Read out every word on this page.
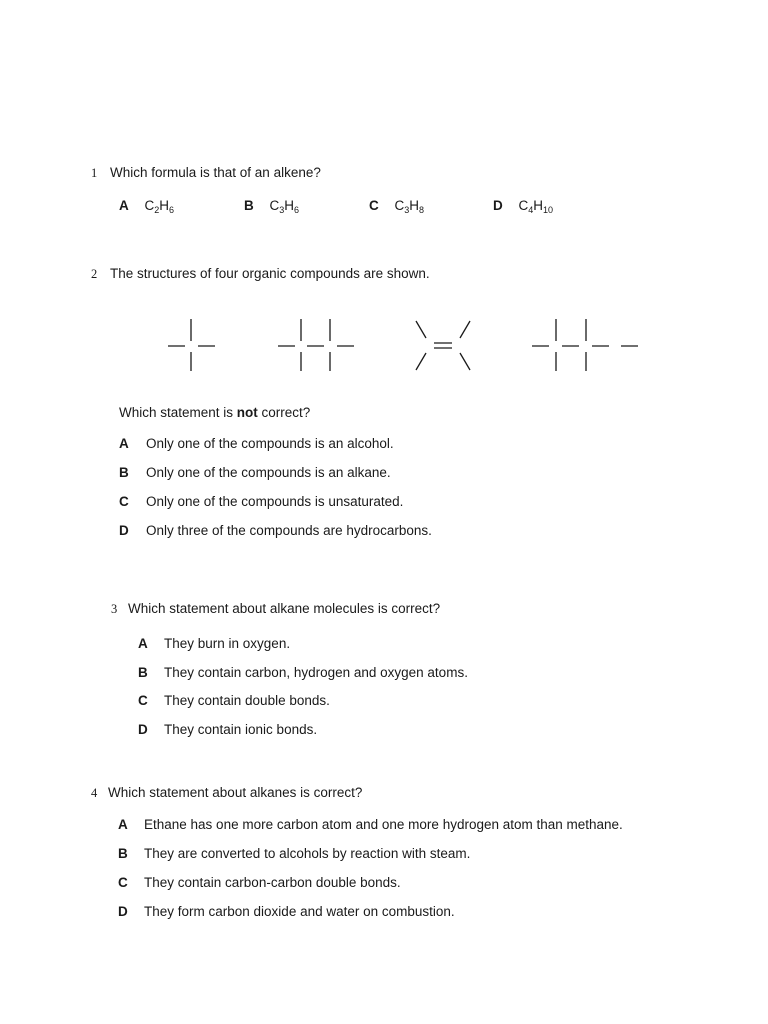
1 Which formula is that of an alkene?
A $C_2H_6$	B $C_3H_6$	C $C_3H_8$	D $C_4H_{10}$
2 The structures of four organic compounds are shown.
Which statement is not correct?
A Only one of the compounds is an alcohol.
B Only one of the compounds is an alkane.
C Only one of the compounds is unsaturated.
D Only three of the compounds are hydrocarbons.
3 Which statement about alkane molecules is correct?
A They burn in oxygen.
B They contain carbon, hydrogen and oxygen atoms.
C They contain double bonds.
D They contain ionic bonds.
4 Which statement about alkanes is correct?
A Ethane has one more carbon atom and one more hydrogen atom than methane.
B They are converted to alcohols by reaction with steam.
C They contain carbon-carbon double bonds.
D They form carbon dioxide and water on combustion.
